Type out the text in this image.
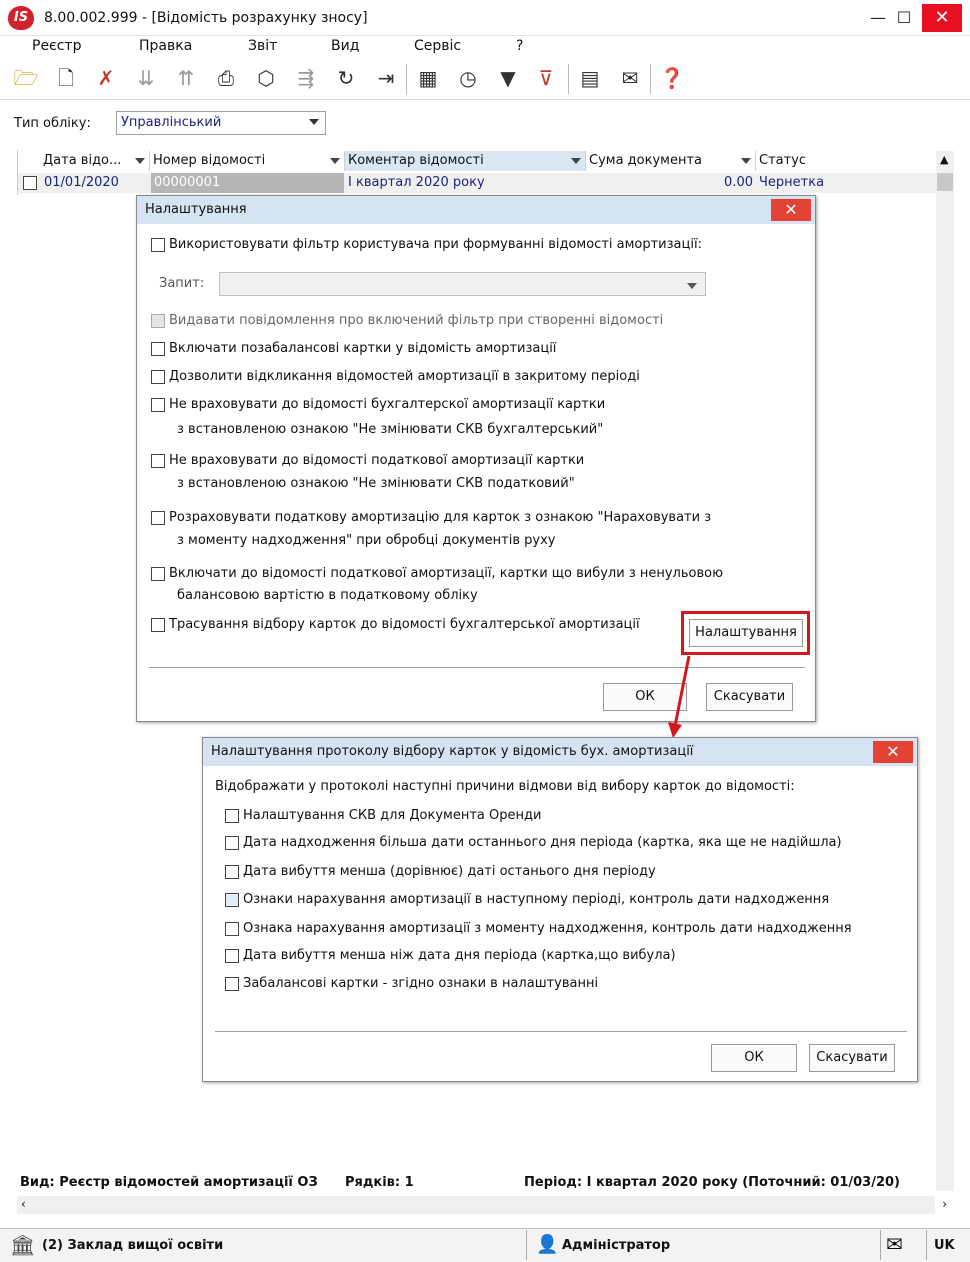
IS	8.00.002.999 - [Відомість розрахунку зносу]	— ☐	✕
Реєстр	Правка	Звіт	Вид	Сервіс	?
🗁 🗋 ✗ ⇊ ⇈	⎙	⬡ ⇶ ↻ ⇥ ▦ ◷	▼	⊽	▤ ✉ ❓
Тип обліку:	Управлінський
Дата відо...	Номер відомості	Коментар відомості	Сума документа	Статус
01/01/2020	00000001	І квартал 2020 року	0.00 Чернетка
▲
Налаштування	✕
Використовувати фільтр користувача при формуванні відомості амортизації:
Запит:
Видавати повідомлення про включений фільтр при створенні відомості
Включати позабалансові картки у відомість амортизації
Дозволити відкликання відомостей амортизації в закритому періоді
Не враховувати до відомості бухгалтерскої амортизації картки
з встановленою ознакою "Не змінювати СКВ бухгалтерський"
Не враховувати до відомості податкової амортизації картки
з встановленою ознакою "Не змінювати СКВ податковий"
Розраховувати податкову амортизацію для карток з ознакою "Нараховувати з
з моменту надходження" при обробці документів руху
Включати до відомості податкової амортизації, картки що вибули з ненульовою
балансовою вартістю в податковому обліку
Трасування відбору карток до відомості бухгалтерської амортизації
Налаштування
ОК	Скасувати
Налаштування протоколу відбору карток у відомість бух. амортизації	✕
Відображати у протоколі наступні причини відмови від вибору карток до відомості:
Налаштування СКВ для Документа Оренди
Дата надходження більша дати останнього дня періода (картка, яка ще не надійшла)
Дата вибуття менша (дорівнює) даті останього дня періоду
Ознаки нарахування амортизації в наступному періоді, контроль дати надходження
Ознака нарахування амортизації з моменту надходження, контроль дати надходження
Дата вибуття менша ніж дата дня періода (картка,що вибула)
Забалансові картки - згідно ознаки в налаштуванні
ОК	Скасувати
Вид: Реєстр відомостей амортизації ОЗ Рядків: 1	Період: І квартал 2020 року (Поточний: 01/03/20)
‹	›
🏛 (2) Заклад вищої освіти	👤 Адміністратор	✉ UK
